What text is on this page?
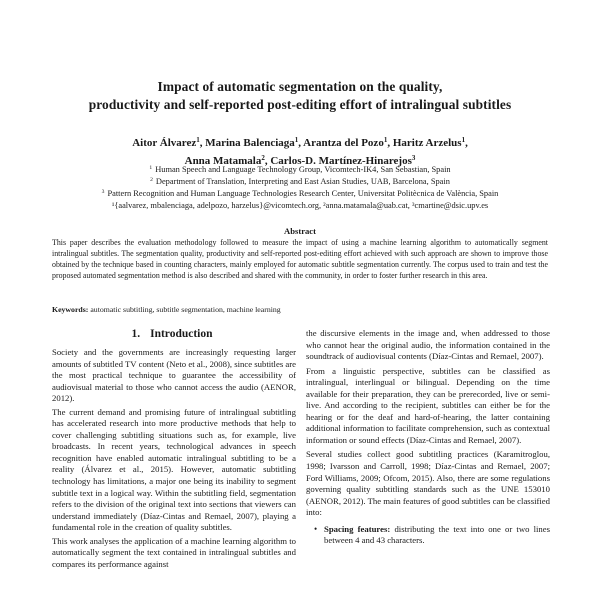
Impact of automatic segmentation on the quality,
productivity and self-reported post-editing effort of intralingual subtitles
Aitor Álvarez$^1$, Marina Balenciaga$^1$, Arantza del Pozo$^1$, Haritz Arzelus$^1$,
Anna Matamala$^2$, Carlos-D. Martínez-Hinarejos$^3$
$^1$ Human Speech and Language Technology Group, Vicomtech-IK4, San Sebastian, Spain
$^2$ Department of Translation, Interpreting and East Asian Studies, UAB, Barcelona, Spain
$^3$ Pattern Recognition and Human Language Technologies Research Center, Universitat Politècnica de València, Spain
¹{aalvarez, mbalenciaga, adelpozo, harzelus}@vicomtech.org, ²anna.matamala@uab.cat, ³cmartine@dsic.upv.es
Abstract
This paper describes the evaluation methodology followed to measure the impact of using a machine learning algorithm to automatically segment intralingual subtitles. The segmentation quality, productivity and self-reported post-editing effort achieved with such approach are shown to improve those obtained by the technique based in counting characters, mainly employed for automatic subtitle segmentation currently. The corpus used to train and test the proposed automated segmentation method is also described and shared with the community, in order to foster further research in this area.
Keywords: automatic subtitling, subtitle segmentation, machine learning
1. Introduction

Society and the governments are increasingly requesting larger amounts of subtitled TV content (Neto et al., 2008), since subtitles are the most practical technique to guarantee the accessibility of audiovisual material to those who cannot access the audio (AENOR, 2012).

The current demand and promising future of intralingual subtitling has accelerated research into more productive methods that help to cover challenging subtitling situations such as, for example, live broadcasts. In recent years, technological advances in speech recognition have enabled automatic intralingual subtitling to be a reality (Álvarez et al., 2015). However, automatic subtitling technology has limitations, a major one being its inability to segment subtitle text in a logical way. Within the subtitling field, segmentation refers to the division of the original text into sections that viewers can understand immediately (Díaz-Cintas and Remael, 2007), playing a fundamental role in the creation of quality subtitles.

This work analyses the application of a machine learning algorithm to automatically segment the text contained in intralingual subtitles and compares its performance against

the discursive elements in the image and, when addressed to those who cannot hear the original audio, the information contained in the soundtrack of audiovisual contents (Díaz-Cintas and Remael, 2007).

From a linguistic perspective, subtitles can be classified as intralingual, interlingual or bilingual. Depending on the time available for their preparation, they can be prerecorded, live or semi-live. And according to the recipient, subtitles can either be for the hearing or for the deaf and hard-of-hearing, the latter containing additional information to facilitate comprehension, such as contextual information or sound effects (Díaz-Cintas and Remael, 2007).

Several studies collect good subtitling practices (Karamitroglou, 1998; Ivarsson and Carroll, 1998; Díaz-Cintas and Remael, 2007; Ford Williams, 2009; Ofcom, 2015). Also, there are some regulations governing quality subtitling standards such as the UNE 153010 (AENOR, 2012). The main features of good subtitles can be classified into:

• Spacing features: distributing the text into one or two lines between 4 and 43 characters.
